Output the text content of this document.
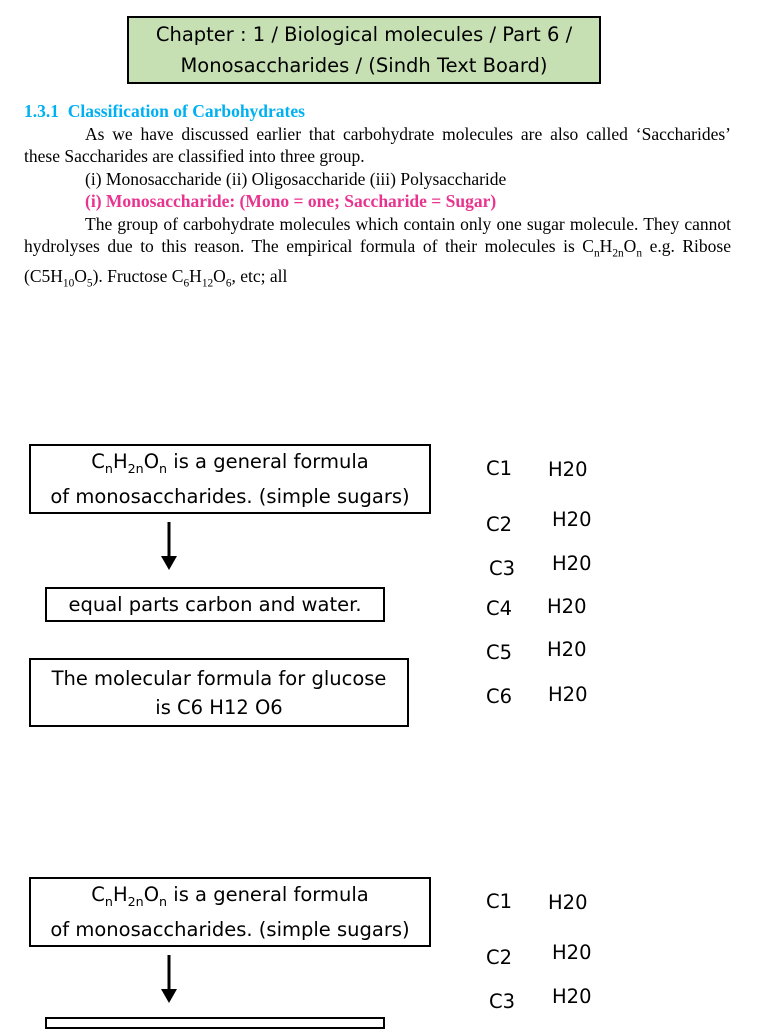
Chapter : 1 / Biological molecules / Part 6 /
Monosaccharides / (Sindh Text Board)
1.3.1 Classification of Carbohydrates
As we have discussed earlier that carbohydrate molecules are also called ‘Saccharides’ these Saccharides are classified into three group.
(i) Monosaccharide (ii) Oligosaccharide (iii) Polysaccharide
(i) Monosaccharide: (Mono = one; Saccharide = Sugar)
The group of carbohydrate molecules which contain only one sugar molecule. They cannot hydrolyses due to this reason. The empirical formula of their molecules is $C_nH_{2n}O_n$ e.g. Ribose $(C5H_{10}O_5)$. Fructose $C_6H_{12}O_6$, etc; all
$C_nH_{2n}O_n$ is a general formula
of monosaccharides. (simple sugars)
equal parts carbon and water.
The molecular formula for glucose
is C6 H12 O6
C1 H20
C2 H20
C3 H20
C4 H20
C5 H20
C6 H20
$C_nH_{2n}O_n$ is a general formula
of monosaccharides. (simple sugars)
C1 H20
C2 H20
C3 H20
